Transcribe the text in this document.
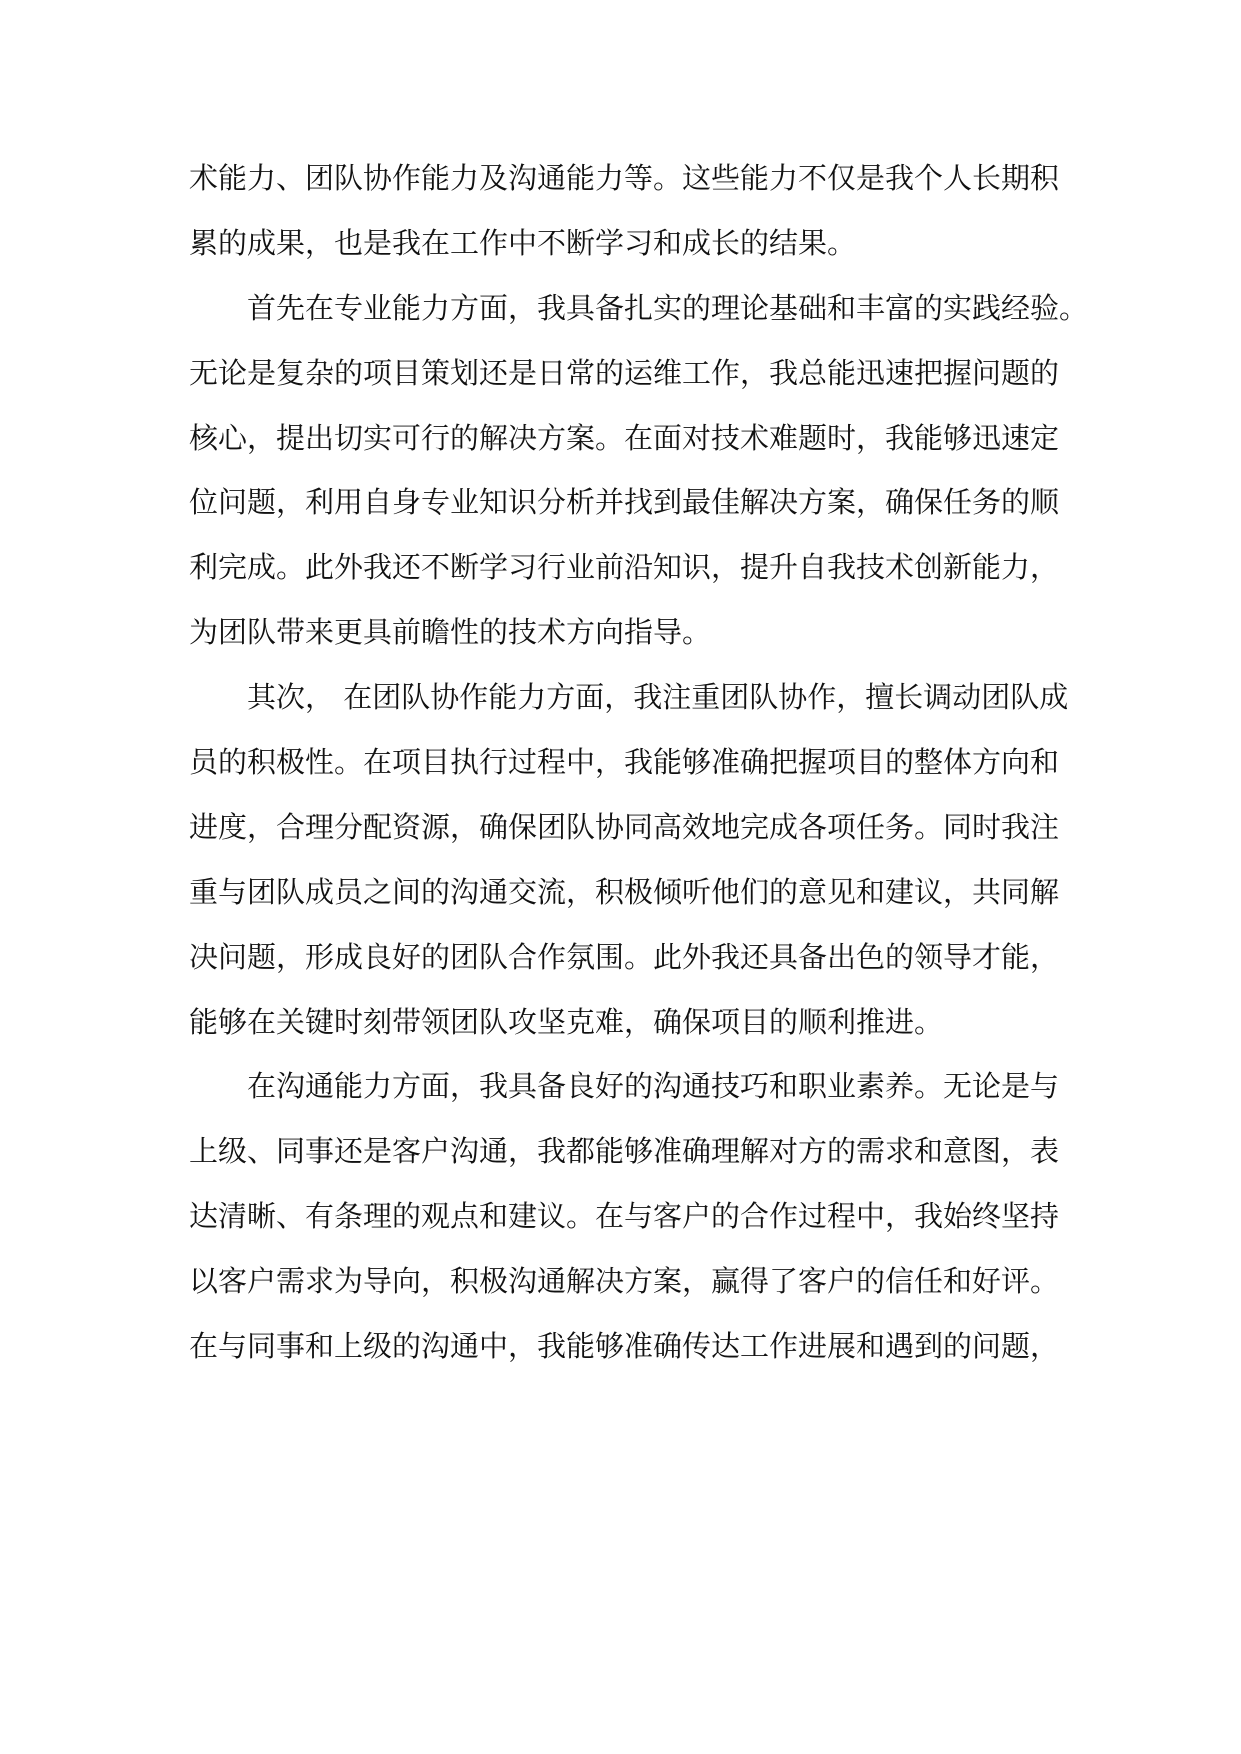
术能力、团队协作能力及沟通能力等。这些能力不仅是我个人长期积
累的成果，也是我在工作中不断学习和成长的结果。
首先在专业能力方面，我具备扎实的理论基础和丰富的实践经验。
无论是复杂的项目策划还是日常的运维工作，我总能迅速把握问题的
核心，提出切实可行的解决方案。在面对技术难题时，我能够迅速定
位问题，利用自身专业知识分析并找到最佳解决方案，确保任务的顺
利完成。此外我还不断学习行业前沿知识，提升自我技术创新能力，
为团队带来更具前瞻性的技术方向指导。
其次， 在团队协作能力方面，我注重团队协作，擅长调动团队成
员的积极性。在项目执行过程中，我能够准确把握项目的整体方向和
进度，合理分配资源，确保团队协同高效地完成各项任务。同时我注
重与团队成员之间的沟通交流，积极倾听他们的意见和建议，共同解
决问题，形成良好的团队合作氛围。此外我还具备出色的领导才能，
能够在关键时刻带领团队攻坚克难，确保项目的顺利推进。
在沟通能力方面，我具备良好的沟通技巧和职业素养。无论是与
上级、同事还是客户沟通，我都能够准确理解对方的需求和意图，表
达清晰、有条理的观点和建议。在与客户的合作过程中，我始终坚持
以客户需求为导向，积极沟通解决方案，赢得了客户的信任和好评。
在与同事和上级的沟通中，我能够准确传达工作进展和遇到的问题，
